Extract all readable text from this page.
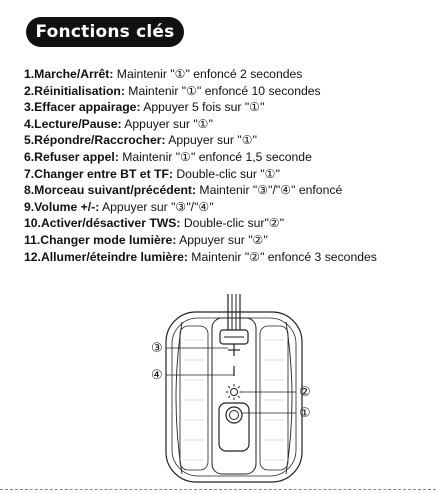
Fonctions clés
1.Marche/Arrêt: Maintenir "①" enfoncé 2 secondes
2.Réinitialisation: Maintenir "①" enfoncé 10 secondes
3.Effacer appairage: Appuyer 5 fois sur "①"
4.Lecture/Pause: Appuyer sur "①"
5.Répondre/Raccrocher: Appuyer sur "①"
6.Refuser appel: Maintenir "①" enfoncé 1,5 seconde
7.Changer entre BT et TF: Double-clic sur "①"
8.Morceau suivant/précédent: Maintenir "③"/"④" enfoncé
9.Volume +/-: Appuyer sur "③"/"④"
10.Activer/désactiver TWS: Double-clic sur"②"
11.Changer mode lumière: Appuyer sur "②"
12.Allumer/éteindre lumière: Maintenir "②" enfoncé 3 secondes
③
④
②
①
